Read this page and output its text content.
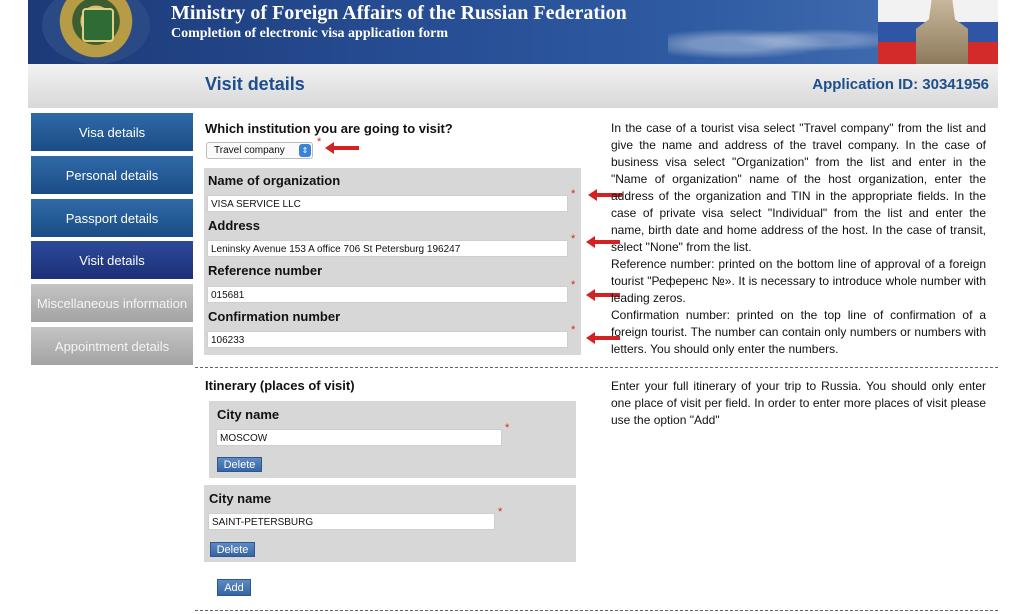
Ministry of Foreign Affairs of the Russian Federation
Completion of electronic visa application form
Visit details	Application ID: 30341956
Visa details
Personal details
Passport details
Visit details
Miscellaneous information
Appointment details
Which institution you are going to visit?
Travel company	⇕
*
Name of organization
VISA SERVICE LLC
*
Address
Leninsky Avenue 153 A office 706 St Petersburg 196247
*
Reference number
015681
*
Confirmation number
106233
*

In the case of a tourist visa select "Travel company" from the list and give the name and address of the travel company. In the case of business visa select "Organization" from the list and enter in the "Name of organization" name of the host organization, enter the address of the organization and TIN in the appropriate fields. In the case of private visa select "Individual" from the list and enter the name, birth date and home address of the host. In the case of transit, select "None" from the list.

Reference number: printed on the bottom line of approval of a foreign tourist "Референс №». It is necessary to introduce whole number with leading zeros.

Confirmation number: printed on the top line of confirmation of a foreign tourist. The number can contain only numbers or numbers with letters. You should only enter the numbers.

Itinerary (places of visit)
City name
MOSCOW
*
Delete
City name
SAINT-PETERSBURG
*
Delete
Add
Enter your full itinerary of your trip to Russia. You should only enter one place of visit per field. In order to enter more places of visit please use the option "Add"
